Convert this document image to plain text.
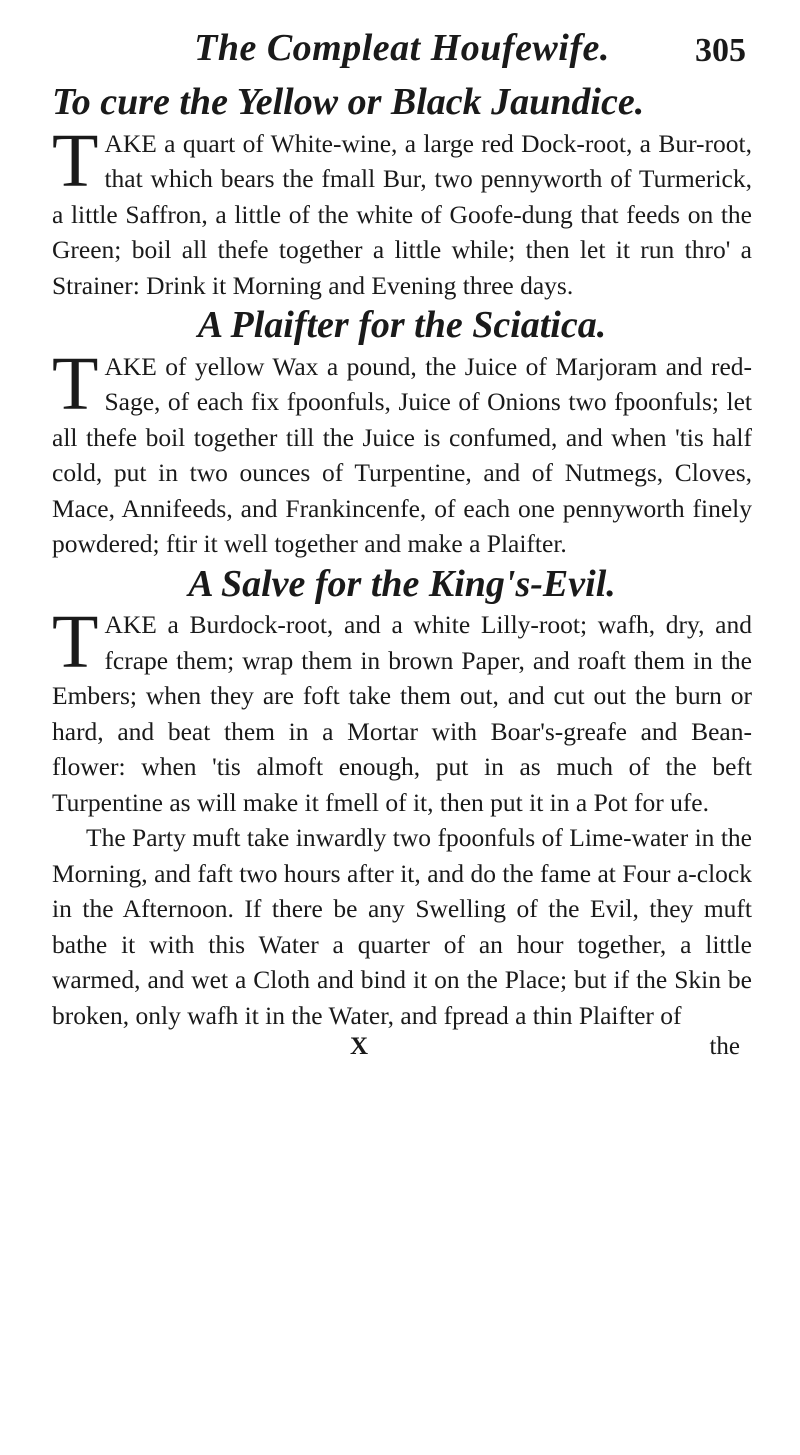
The Compleat Houfewife.	305
To cure the Yellow or Black Jaundice.

TAKE a quart of White-wine, a large red Dock-root, a Bur-root, that which bears the fmall Bur, two pennyworth of Turmerick, a little Saffron, a little of the white of Goofe-dung that feeds on the Green; boil all thefe together a little while; then let it run thro' a Strainer: Drink it Morning and Evening three days.

A Plaifter for the Sciatica.

TAKE of yellow Wax a pound, the Juice of Marjoram and red-Sage, of each fix fpoonfuls, Juice of Onions two fpoonfuls; let all thefe boil together till the Juice is confumed, and when 'tis half cold, put in two ounces of Turpentine, and of Nutmegs, Cloves, Mace, Annifeeds, and Frankincenfe, of each one pennyworth finely powdered; ftir it well together and make a Plaifter.

A Salve for the King's-Evil.

TAKE a Burdock-root, and a white Lilly-root; wafh, dry, and fcrape them; wrap them in brown Paper, and roaft them in the Embers; when they are foft take them out, and cut out the burn or hard, and beat them in a Mortar with Boar's-greafe and Bean-flower: when 'tis almoft enough, put in as much of the beft Turpentine as will make it fmell of it, then put it in a Pot for ufe.

The Party muft take inwardly two fpoonfuls of Lime-water in the Morning, and faft two hours after it, and do the fame at Four a-clock in the Afternoon. If there be any Swelling of the Evil, they muft bathe it with this Water a quarter of an hour together, a little warmed, and wet a Cloth and bind it on the Place; but if the Skin be broken, only wafh it in the Water, and fpread a thin Plaifter of

X	the
